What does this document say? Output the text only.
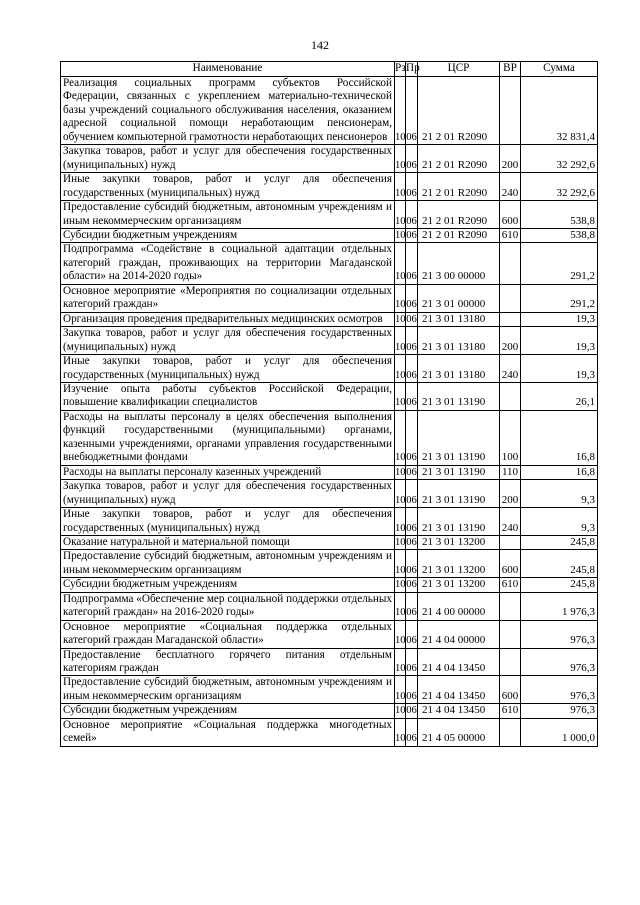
142
Наименование	Рз	Пр	ЦСР	ВР	Сумма
Реализация социальных программ субъектов Российской Федерации, связанных с укреплением материально-технической базы учреждений социального обслуживания населения, оказанием адресной социальной помощи неработающим пенсионерам, обучением компьютерной грамотности неработающих пенсионеров	10	06	21 2 01 R2090		32 831,4
Закупка товаров, работ и услуг для обеспечения государственных (муниципальных) нужд	10	06	21 2 01 R2090	200	32 292,6
Иные закупки товаров, работ и услуг для обеспечения государственных (муниципальных) нужд	10	06	21 2 01 R2090	240	32 292,6
Предоставление субсидий бюджетным, автономным учреждениям и иным некоммерческим организациям	10	06	21 2 01 R2090	600	538,8
Субсидии бюджетным учреждениям	10	06	21 2 01 R2090	610	538,8
Подпрограмма «Содействие в социальной адаптации отдельных категорий граждан, проживающих на территории Магаданской области» на 2014-2020 годы»	10	06	21 3 00 00000		291,2
Основное мероприятие «Мероприятия по социализации отдельных категорий граждан»	10	06	21 3 01 00000		291,2
Организация проведения предварительных медицинских осмотров	10	06	21 3 01 13180		19,3
Закупка товаров, работ и услуг для обеспечения государственных (муниципальных) нужд	10	06	21 3 01 13180	200	19,3
Иные закупки товаров, работ и услуг для обеспечения государственных (муниципальных) нужд	10	06	21 3 01 13180	240	19,3
Изучение опыта работы субъектов Российской Федерации, повышение квалификации специалистов	10	06	21 3 01 13190		26,1
Расходы на выплаты персоналу в целях обеспечения выполнения функций государственными (муниципальными) органами, казенными учреждениями, органами управления государственными внебюджетными фондами	10	06	21 3 01 13190	100	16,8
Расходы на выплаты персоналу казенных учреждений	10	06	21 3 01 13190	110	16,8
Закупка товаров, работ и услуг для обеспечения государственных (муниципальных) нужд	10	06	21 3 01 13190	200	9,3
Иные закупки товаров, работ и услуг для обеспечения государственных (муниципальных) нужд	10	06	21 3 01 13190	240	9,3
Оказание натуральной и материальной помощи	10	06	21 3 01 13200		245,8
Предоставление субсидий бюджетным, автономным учреждениям и иным некоммерческим организациям	10	06	21 3 01 13200	600	245,8
Субсидии бюджетным учреждениям	10	06	21 3 01 13200	610	245,8
Подпрограмма «Обеспечение мер социальной поддержки отдельных категорий граждан» на 2016-2020 годы»	10	06	21 4 00 00000		1 976,3
Основное мероприятие «Социальная поддержка отдельных категорий граждан Магаданской области»	10	06	21 4 04 00000		976,3
Предоставление бесплатного горячего питания отдельным категориям граждан	10	06	21 4 04 13450		976,3
Предоставление субсидий бюджетным, автономным учреждениям и иным некоммерческим организациям	10	06	21 4 04 13450	600	976,3
Субсидии бюджетным учреждениям	10	06	21 4 04 13450	610	976,3
Основное мероприятие «Социальная поддержка многодетных семей»	10	06	21 4 05 00000		1 000,0
